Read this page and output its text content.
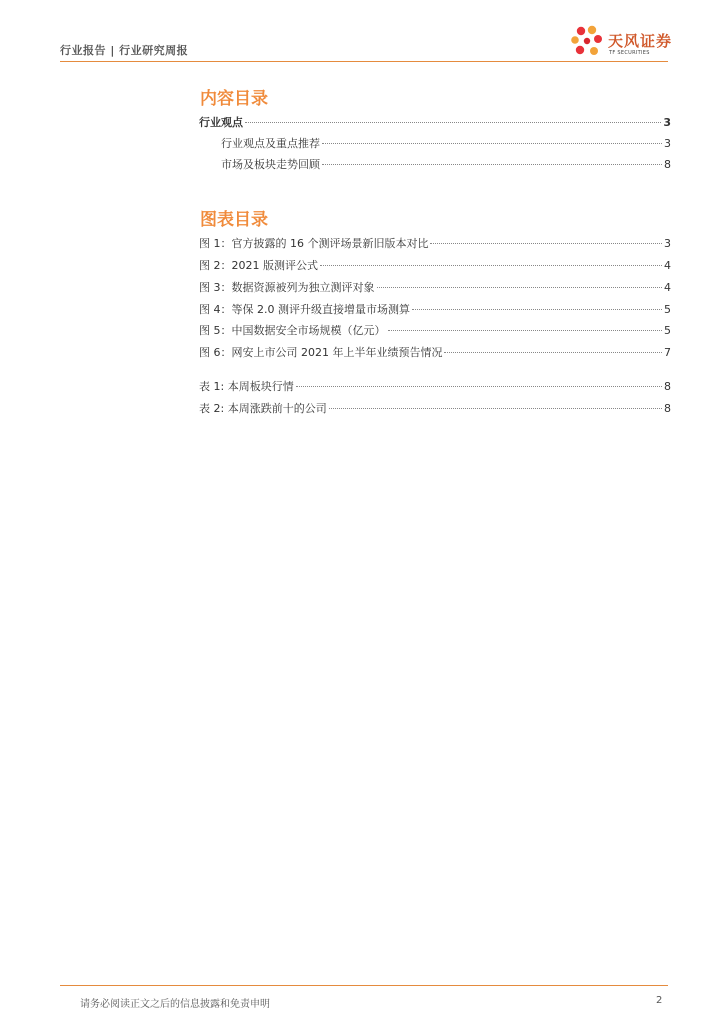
行业报告 | 行业研究周报
天风证券
TF SECURITIES
内容目录
行业观点	3
行业观点及重点推荐	3
市场及板块走势回顾	8
图表目录
图 1：官方披露的 16 个测评场景新旧版本对比	3
图 2：2021 版测评公式	4
图 3：数据资源被列为独立测评对象	4
图 4：等保 2.0 测评升级直接增量市场测算	5
图 5：中国数据安全市场规模（亿元）	5
图 6：网安上市公司 2021 年上半年业绩预告情况	7
表 1: 本周板块行情	8
表 2: 本周涨跌前十的公司	8
请务必阅读正文之后的信息披露和免责申明	2
